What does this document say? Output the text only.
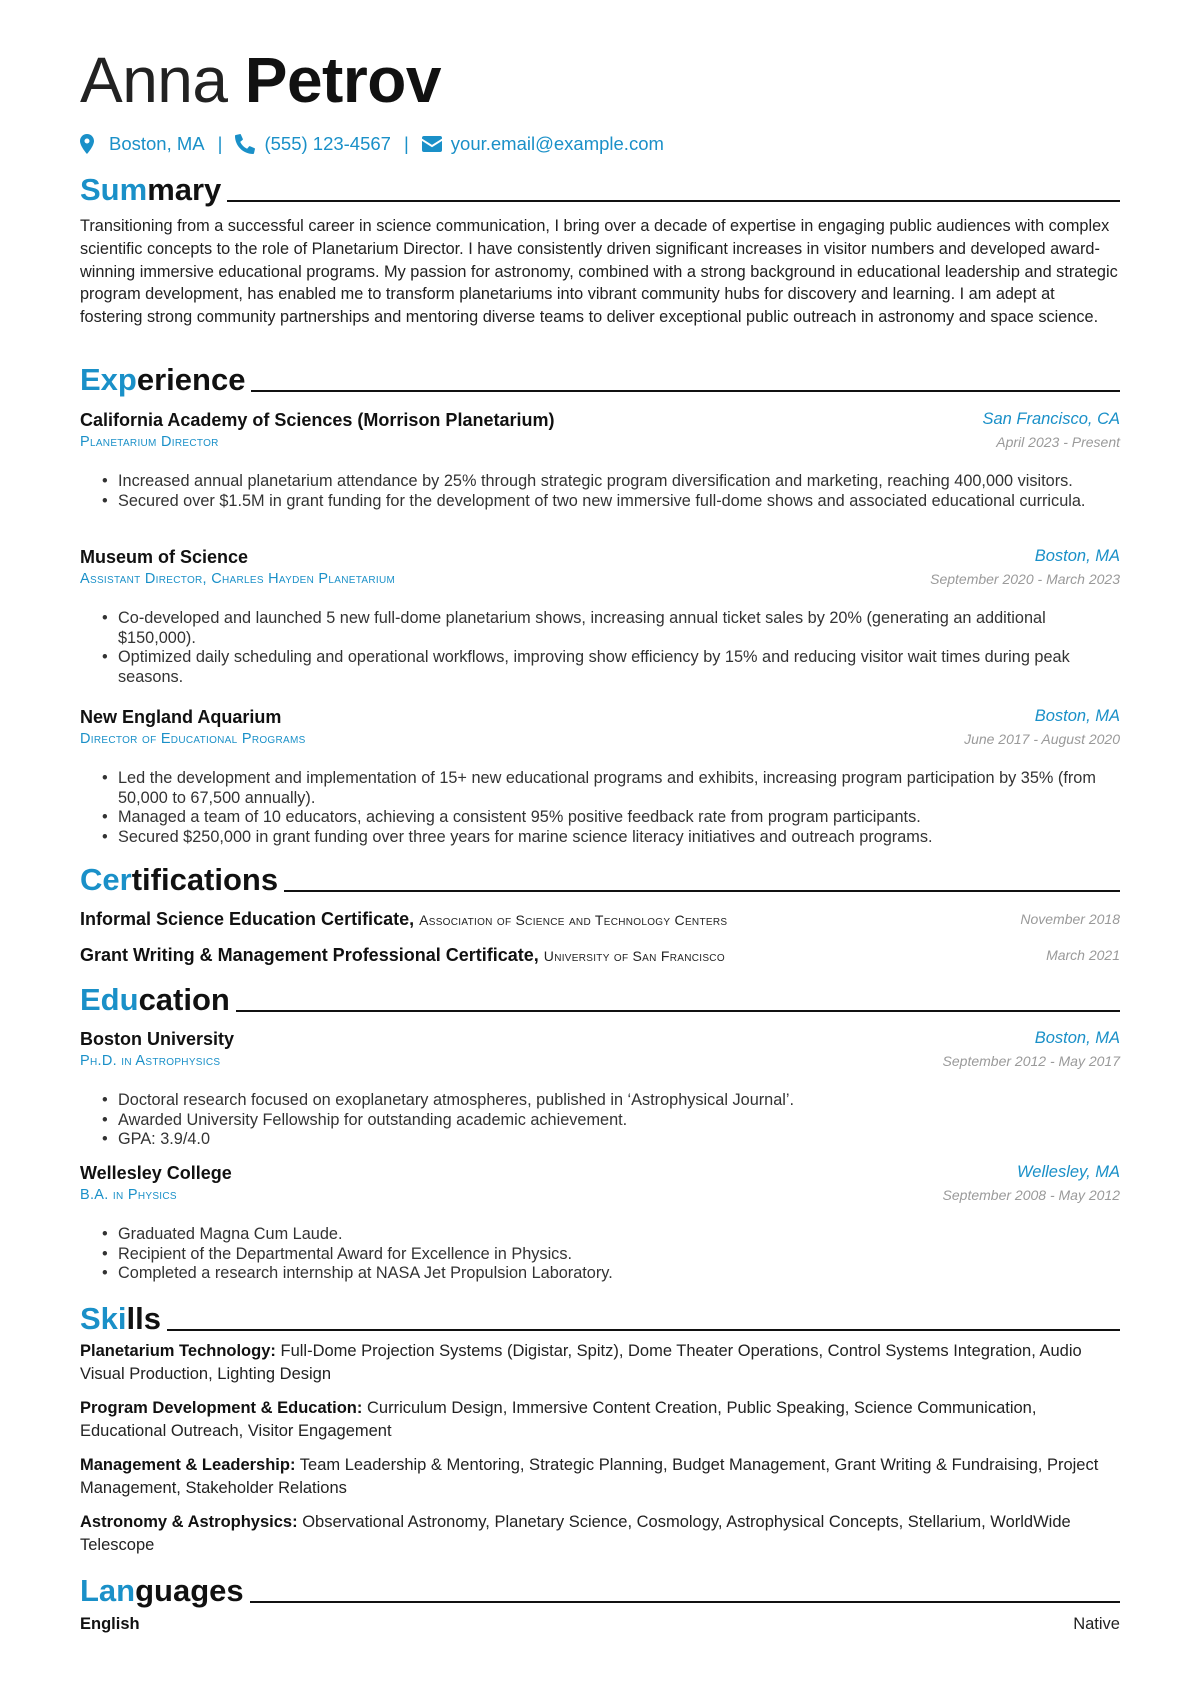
Anna Petrov
Boston, MA | (555) 123-4567 | your.email@example.com
Sum mary
Transitioning from a successful career in science communication, I bring over a decade of expertise in engaging public audiences with complex scientific concepts to the role of Planetarium Director. I have consistently driven significant increases in visitor numbers and developed award-winning immersive educational programs. My passion for astronomy, combined with a strong background in educational leadership and strategic program development, has enabled me to transform planetariums into vibrant community hubs for discovery and learning. I am adept at fostering strong community partnerships and mentoring diverse teams to deliver exceptional public outreach in astronomy and space science.
Exp erience
California Academy of Sciences (Morrison Planetarium)	San Francisco, CA
Planetarium Director	April 2023 - Present
• Increased annual planetarium attendance by 25% through strategic program diversification and marketing, reaching 400,000 visitors.
• Secured over $1.5M in grant funding for the development of two new immersive full-dome shows and associated educational curricula.
Museum of Science	Boston, MA
Assistant Director, Charles Hayden Planetarium	September 2020 - March 2023
• Co-developed and launched 5 new full-dome planetarium shows, increasing annual ticket sales by 20% (generating an additional $150,000).
• Optimized daily scheduling and operational workflows, improving show efficiency by 15% and reducing visitor wait times during peak seasons.
New England Aquarium	Boston, MA
Director of Educational Programs	June 2017 - August 2020
• Led the development and implementation of 15+ new educational programs and exhibits, increasing program participation by 35% (from 50,000 to 67,500 annually).
• Managed a team of 10 educators, achieving a consistent 95% positive feedback rate from program participants.
• Secured $250,000 in grant funding over three years for marine science literacy initiatives and outreach programs.
Cer tifications
Informal Science Education Certificate, Association of Science and Technology Centers	November 2018
Grant Writing & Management Professional Certificate, University of San Francisco	March 2021
Edu cation
Boston University	Boston, MA
Ph.D. in Astrophysics	September 2012 - May 2017
• Doctoral research focused on exoplanetary atmospheres, published in ‘Astrophysical Journal’.
• Awarded University Fellowship for outstanding academic achievement.
• GPA: 3.9/4.0
Wellesley College	Wellesley, MA
B.A. in Physics	September 2008 - May 2012
• Graduated Magna Cum Laude.
• Recipient of the Departmental Award for Excellence in Physics.
• Completed a research internship at NASA Jet Propulsion Laboratory.
Ski lls
Planetarium Technology: Full-Dome Projection Systems (Digistar, Spitz), Dome Theater Operations, Control Systems Integration, Audio Visual Production, Lighting Design
Program Development & Education: Curriculum Design, Immersive Content Creation, Public Speaking, Science Communication, Educational Outreach, Visitor Engagement
Management & Leadership: Team Leadership & Mentoring, Strategic Planning, Budget Management, Grant Writing & Fundraising, Project Management, Stakeholder Relations
Astronomy & Astrophysics: Observational Astronomy, Planetary Science, Cosmology, Astrophysical Concepts, Stellarium, WorldWide Telescope
Lan guages
English	Native
